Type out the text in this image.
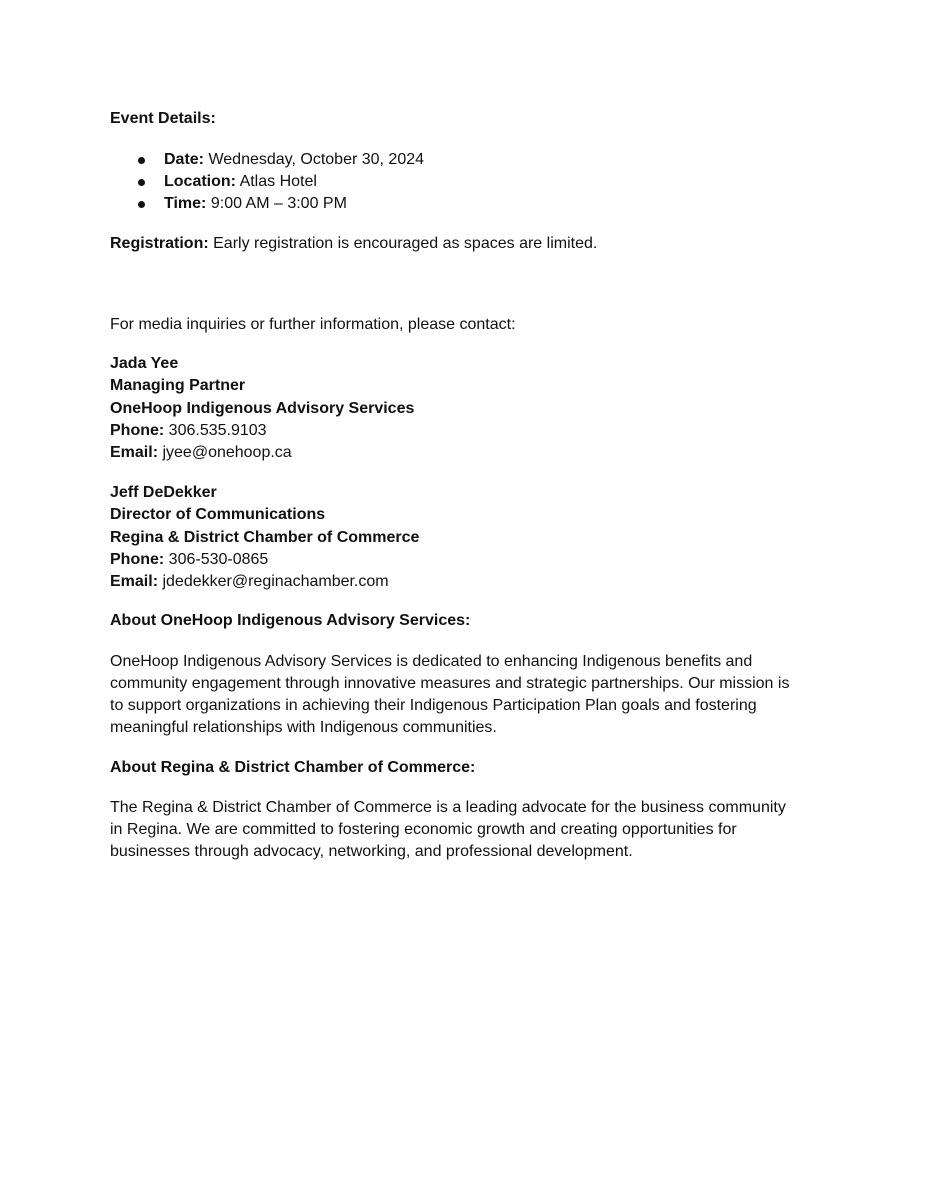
Event Details:

Date: Wednesday, October 30, 2024
Location: Atlas Hotel
Time: 9:00 AM – 3:00 PM

Registration: Early registration is encouraged as spaces are limited.

For media inquiries or further information, please contact:

Jada Yee

Managing Partner

OneHoop Indigenous Advisory Services

Phone: 306.535.9103

Email: jyee@onehoop.ca

Jeff DeDekker

Director of Communications

Regina & District Chamber of Commerce

Phone: 306-530-0865

Email: jdedekker@reginachamber.com

About OneHoop Indigenous Advisory Services:

OneHoop Indigenous Advisory Services is dedicated to enhancing Indigenous benefits and

community engagement through innovative measures and strategic partnerships. Our mission is

to support organizations in achieving their Indigenous Participation Plan goals and fostering

meaningful relationships with Indigenous communities.

About Regina & District Chamber of Commerce:

The Regina & District Chamber of Commerce is a leading advocate for the business community

in Regina. We are committed to fostering economic growth and creating opportunities for

businesses through advocacy, networking, and professional development.
